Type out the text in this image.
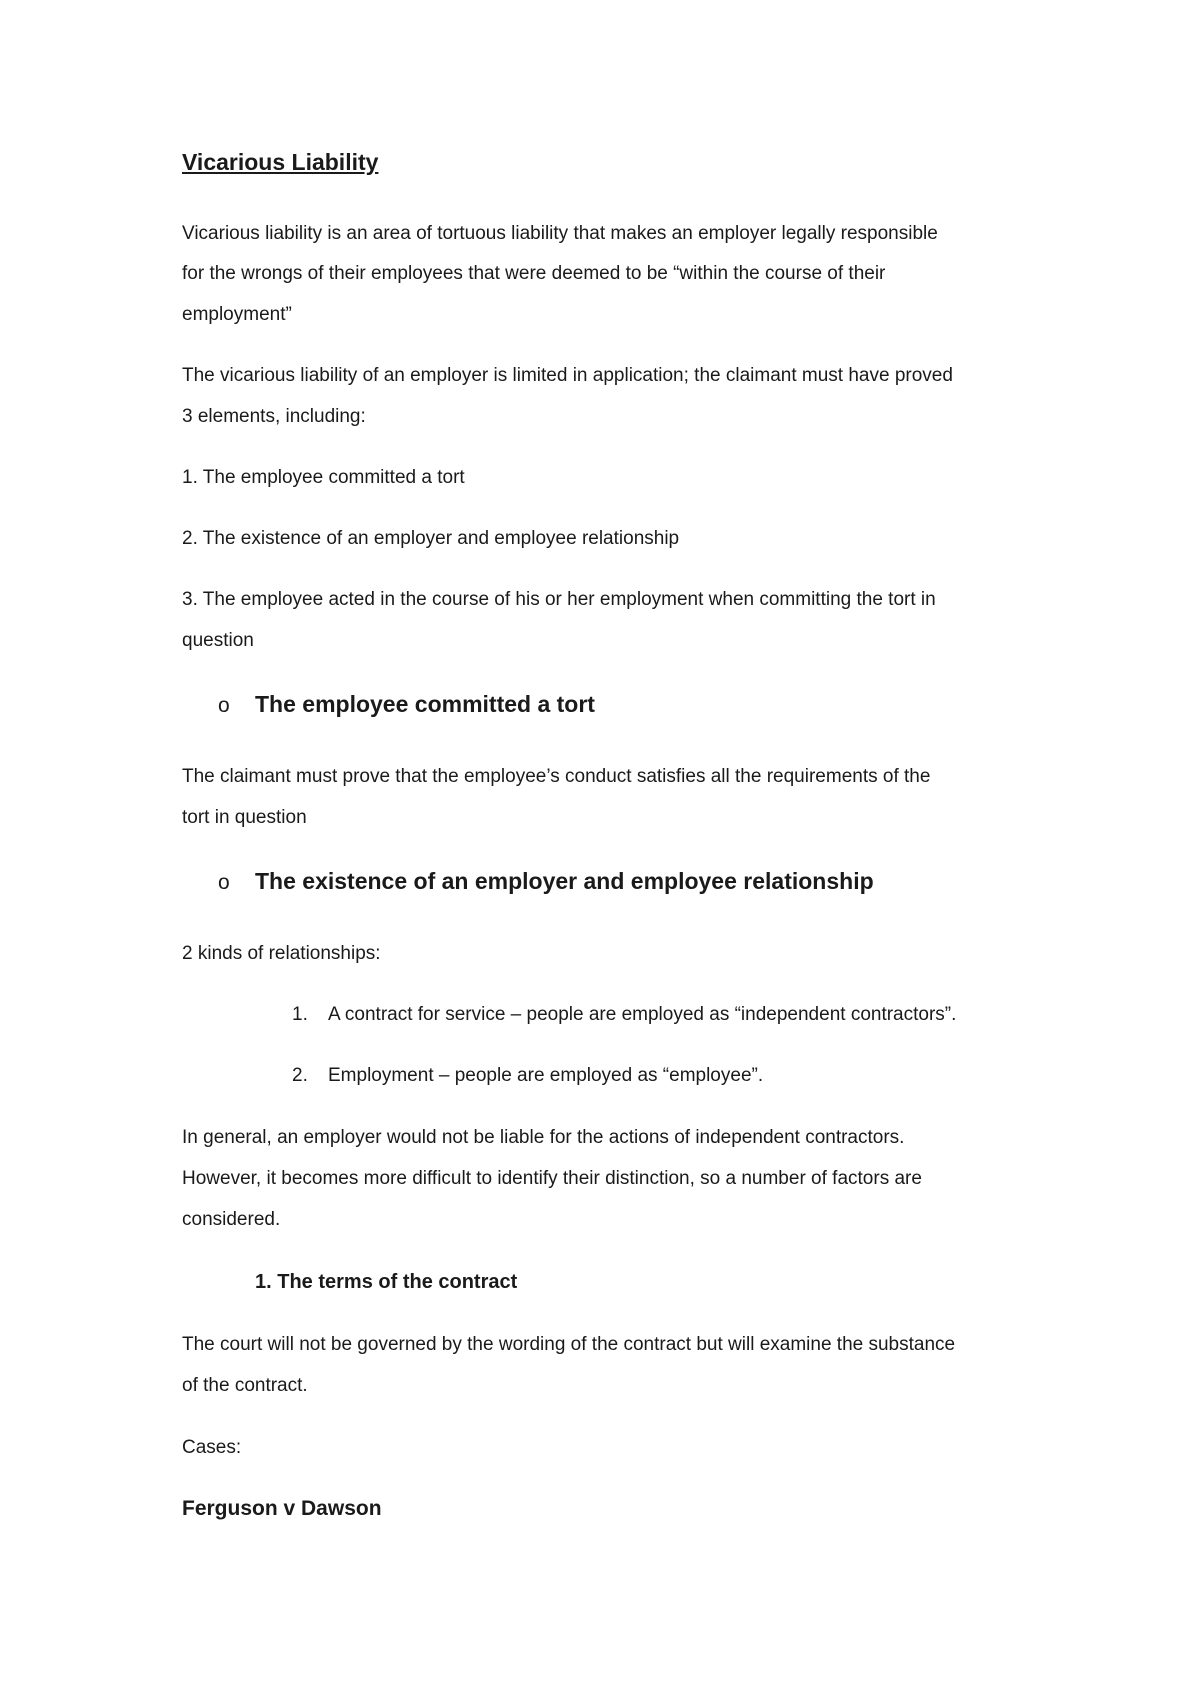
Vicarious Liability
Vicarious liability is an area of tortuous liability that makes an employer legally responsible
for the wrongs of their employees that were deemed to be “within the course of their
employment”
The vicarious liability of an employer is limited in application; the claimant must have proved
3 elements, including:
1. The employee committed a tort
2. The existence of an employer and employee relationship
3. The employee acted in the course of his or her employment when committing the tort in
question
o The employee committed a tort
The claimant must prove that the employee’s conduct satisfies all the requirements of the
tort in question
o The existence of an employer and employee relationship
2 kinds of relationships:
1. A contract for service – people are employed as “independent contractors”.
2. Employment – people are employed as “employee”.
In general, an employer would not be liable for the actions of independent contractors.
However, it becomes more difficult to identify their distinction, so a number of factors are
considered.
1. The terms of the contract
The court will not be governed by the wording of the contract but will examine the substance
of the contract.
Cases:
Ferguson v Dawson
